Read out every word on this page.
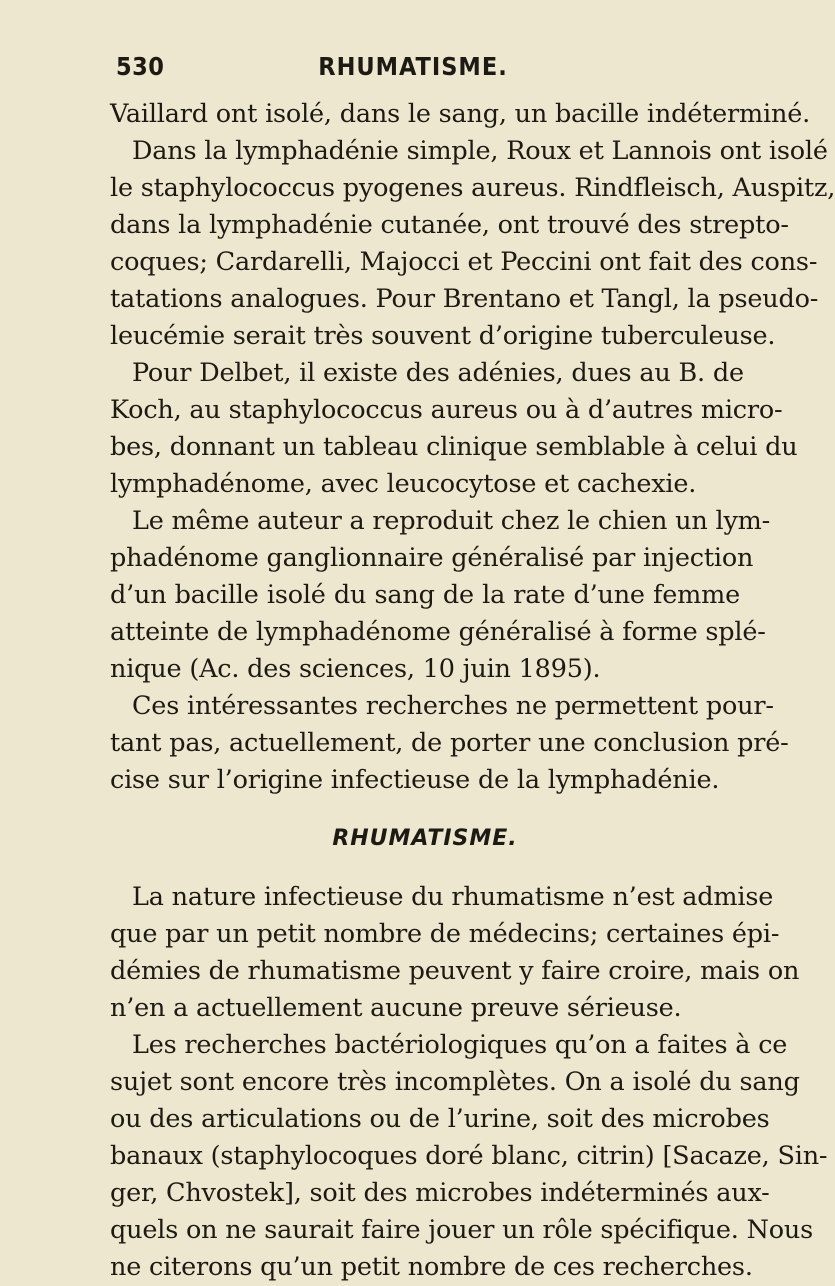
530	RHUMATISME.
Vaillard ont isolé, dans le sang, un bacille indéterminé.
Dans la lymphadénie simple, Roux et Lannois ont isolé
le staphylococcus pyogenes aureus. Rindfleisch, Auspitz,
dans la lymphadénie cutanée, ont trouvé des strepto-
coques; Cardarelli, Majocci et Peccini ont fait des cons-
tatations analogues. Pour Brentano et Tangl, la pseudo-
leucémie serait très souvent d’origine tuberculeuse.
Pour Delbet, il existe des adénies, dues au B. de
Koch, au staphylococcus aureus ou à d’autres micro-
bes, donnant un tableau clinique semblable à celui du
lymphadénome, avec leucocytose et cachexie.
Le même auteur a reproduit chez le chien un lym-
phadénome ganglionnaire généralisé par injection
d’un bacille isolé du sang de la rate d’une femme
atteinte de lymphadénome généralisé à forme splé-
nique (Ac. des sciences, 10 juin 1895).
Ces intéressantes recherches ne permettent pour-
tant pas, actuellement, de porter une conclusion pré-
cise sur l’origine infectieuse de la lymphadénie.
RHUMATISME.
La nature infectieuse du rhumatisme n’est admise
que par un petit nombre de médecins; certaines épi-
démies de rhumatisme peuvent y faire croire, mais on
n’en a actuellement aucune preuve sérieuse.
Les recherches bactériologiques qu’on a faites à ce
sujet sont encore très incomplètes. On a isolé du sang
ou des articulations ou de l’urine, soit des microbes
banaux (staphylocoques doré blanc, citrin) [Sacaze, Sin-
ger, Chvostek], soit des microbes indéterminés aux-
quels on ne saurait faire jouer un rôle spécifique. Nous
ne citerons qu’un petit nombre de ces recherches.
